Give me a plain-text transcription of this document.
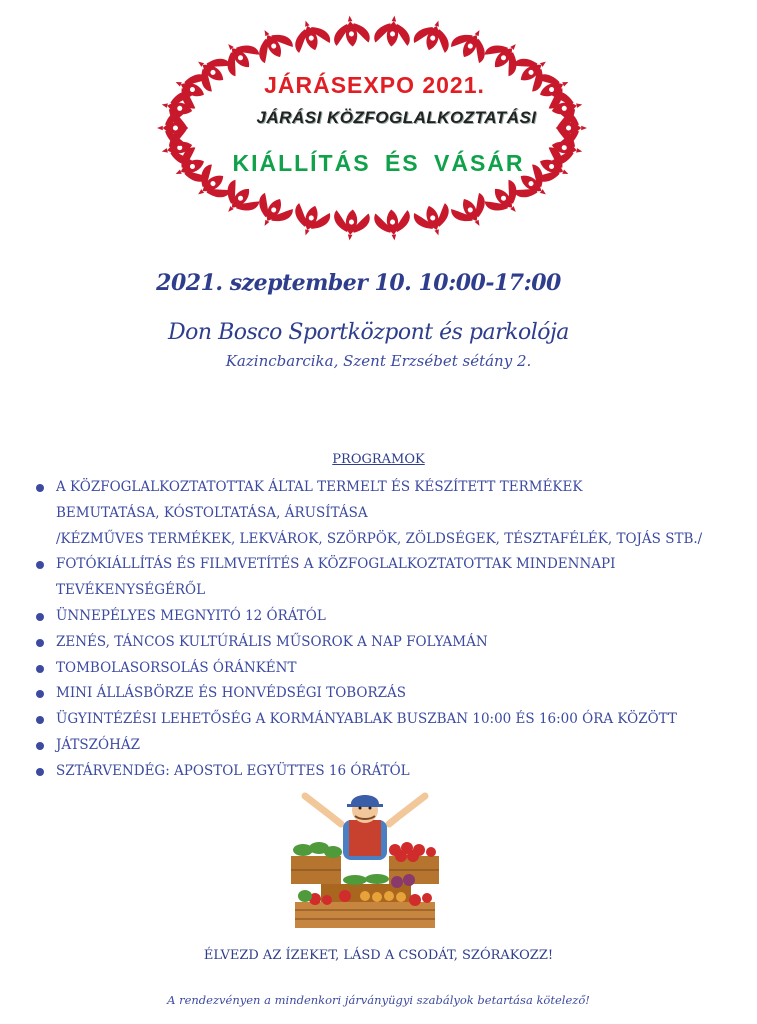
JÁRÁSEXPO 2021.
JÁRÁSI KÖZFOGLALKOZTATÁSI
KIÁLLÍTÁS ÉS VÁSÁR
2021. szeptember 10. 10:00-17:00
Don Bosco Sportközpont és parkolója
Kazincbarcika, Szent Erzsébet sétány 2.
PROGRAMOK
A KÖZFOGLALKOZTATOTTAK ÁLTAL TERMELT ÉS KÉSZÍTETT TERMÉKEK
BEMUTATÁSA, KÓSTOLTATÁSA, ÁRUSÍTÁSA
/KÉZMŰVES TERMÉKEK, LEKVÁROK, SZÖRPÖK, ZÖLDSÉGEK, TÉSZTAFÉLÉK, TOJÁS STB./
FOTÓKIÁLLÍTÁS ÉS FILMVETÍTÉS A KÖZFOGLALKOZTATOTTAK MINDENNAPI
TEVÉKENYSÉGÉRŐL
ÜNNEPÉLYES MEGNYITÓ 12 ÓRÁTÓL
ZENÉS, TÁNCOS KULTÚRÁLIS MŰSOROK A NAP FOLYAMÁN
TOMBOLASORSOLÁS ÓRÁNKÉNT
MINI ÁLLÁSBÖRZE ÉS HONVÉDSÉGI TOBORZÁS
ÜGYINTÉZÉSI LEHETŐSÉG A KORMÁNYABLAK BUSZBAN 10:00 ÉS 16:00 ÓRA KÖZÖTT
JÁTSZÓHÁZ
SZTÁRVENDÉG: APOSTOL EGYÜTTES 16 ÓRÁTÓL
ÉLVEZD AZ ÍZEKET, LÁSD A CSODÁT, SZÓRAKOZZ!
A rendezvényen a mindenkori járványügyi szabályok betartása kötelező!
